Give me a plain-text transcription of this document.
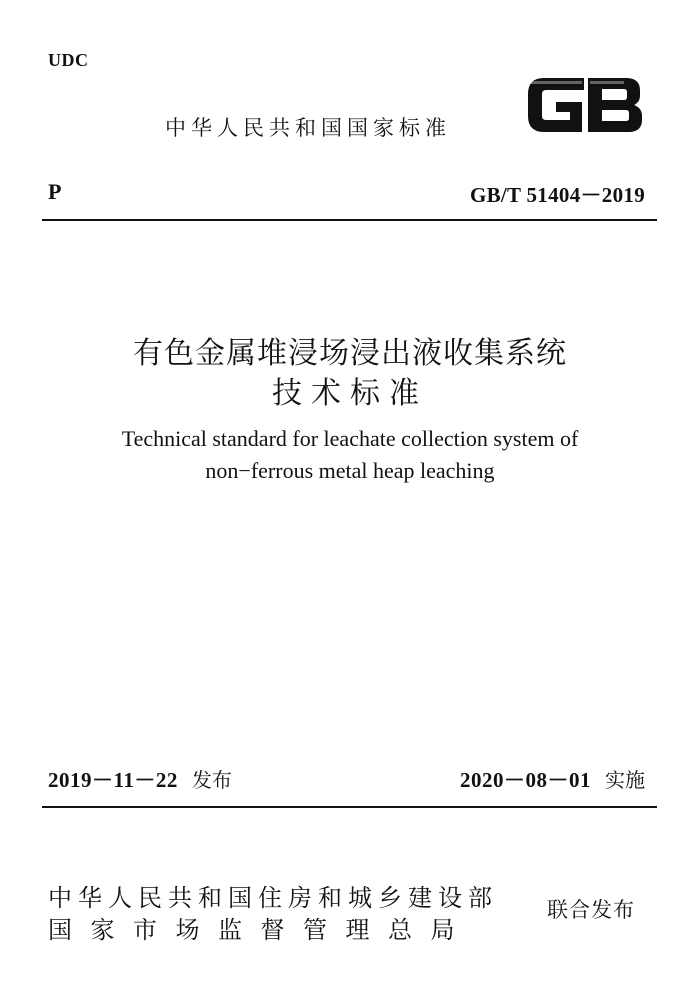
UDC
中华人民共和国国家标准
P	GB/T 51404－2019
有色金属堆浸场浸出液收集系统
技术标准
Technical standard for leachate collection system of
non−ferrous metal heap leaching
2019－11－22 发布	2020－08－01 实施
中华人民共和国住房和城乡建设部
国家市场监督管理总局
联合发布
